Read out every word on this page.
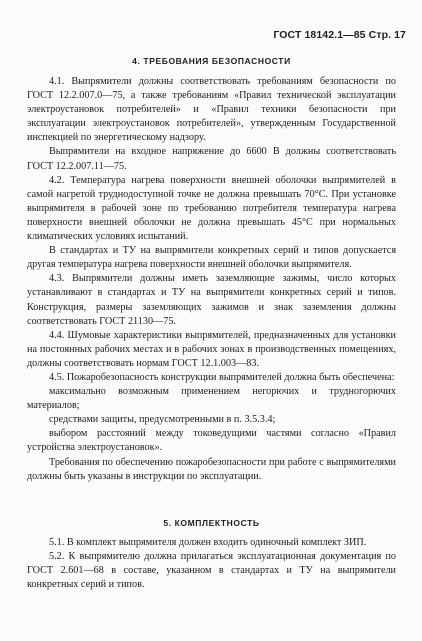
ГОСТ 18142.1—85 Стр. 17

4. ТРЕБОВАНИЯ БЕЗОПАСНОСТИ

4.1. Выпрямители должны соответствовать требованиям безопасности по ГОСТ 12.2.007.0—75, а также требованиям «Правил технической эксплуатации электроустановок потребителей» и «Правил техники безопасности при эксплуатации электроустановок потребителей», утвержденным Государственной инспекцией по энергетическому надзору.

Выпрямители на входное напряжение до 6600 В должны соответствовать ГОСТ 12.2.007.11—75.

4.2. Температура нагрева поверхности внешней оболочки выпрямителей в самой нагретой труднодоступной точке не должна превышать 70°С. При установке выпрямителя в рабочей зоне по требованию потребителя температура нагрева поверхности внешней оболочки не должна превышать 45°С при нормальных климатических условиях испытаний.

В стандартах и ТУ на выпрямители конкретных серий и типов допускается другая температура нагрева поверхности внешней оболочки выпрямителя.

4.3. Выпрямители должны иметь заземляющие зажимы, число которых устанавливают в стандартах и ТУ на выпрямители конкретных серий и типов. Конструкция, размеры заземляющих зажимов и знак заземления должны соответствовать ГОСТ 21130—75.

4.4. Шумовые характеристики выпрямителей, предназначенных для установки на постоянных рабочих местах и в рабочих зонах в производственных помещениях, должны соответствовать нормам ГОСТ 12.1.003—83.

4.5. Пожаробезопасность конструкции выпрямителей должна быть обеспечена:

максимально возможным применением негорючих и трудногорючих материалов;

средствами защиты, предусмотренными в п. 3.5.3.4;

выбором расстояний между токоведущими частями согласно «Правил устройства электроустановок».

Требования по обеспечению пожаробезопасности при работе с выпрямителями должны быть указаны в инструкции по эксплуатации.

5. КОМПЛЕКТНОСТЬ

5.1. В комплект выпрямителя должен входить одиночный комплект ЗИП.

5.2. К выпрямителю должна прилагаться эксплуатационная документация по ГОСТ 2.601—68 в составе, указанном в стандартах и ТУ на выпрямители конкретных серий и типов.
